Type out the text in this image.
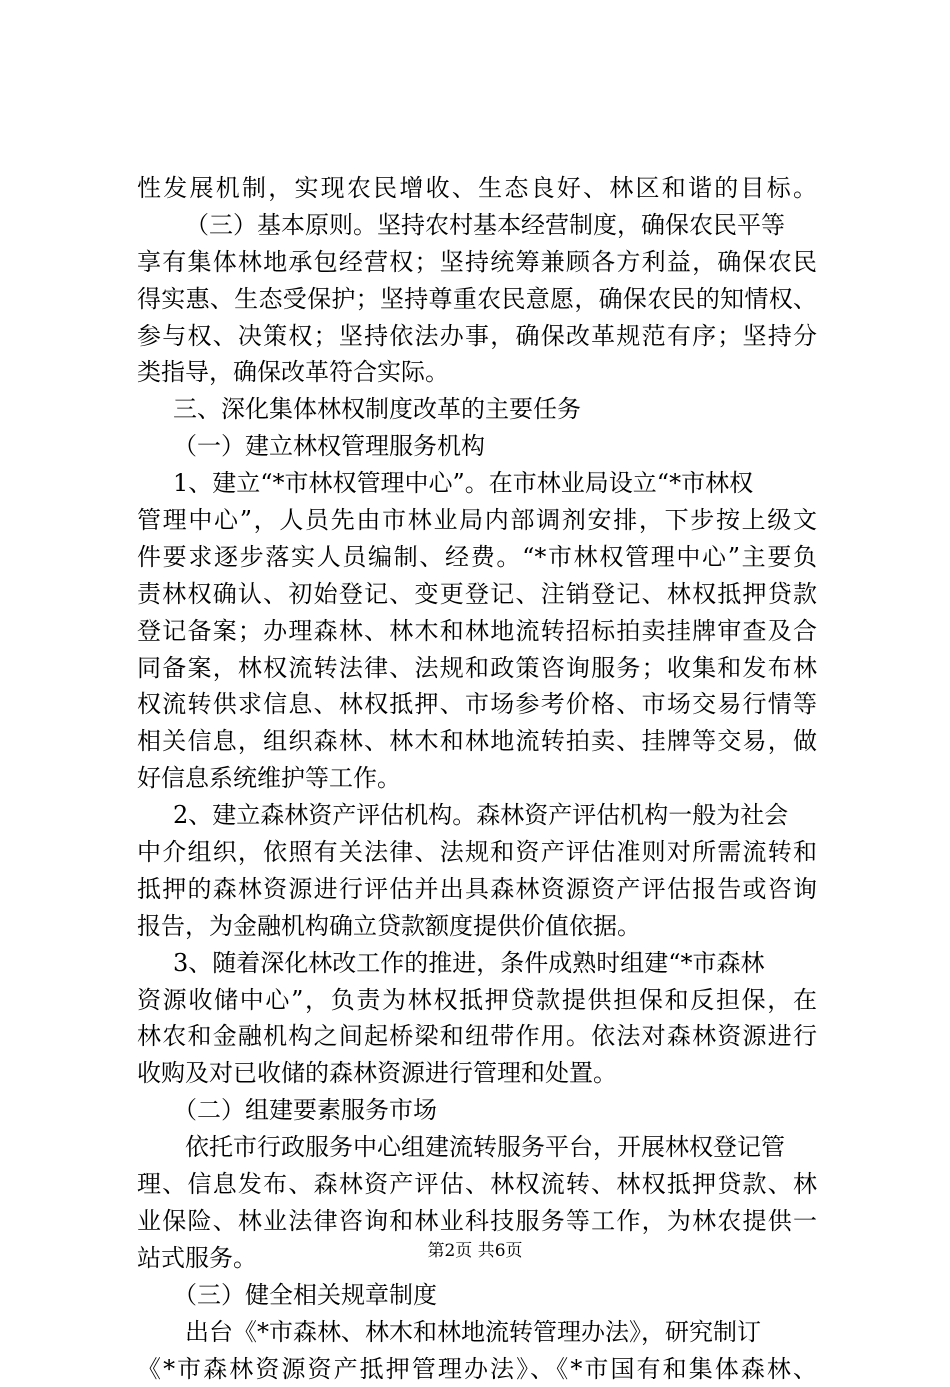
性发展机制，实现农民增收、生态良好、林区和谐的目标。
（三）基本原则。坚持农村基本经营制度，确保农民平等
享有集体林地承包经营权；坚持统筹兼顾各方利益，确保农民
得实惠、生态受保护；坚持尊重农民意愿，确保农民的知情权、
参与权、决策权；坚持依法办事，确保改革规范有序；坚持分
类指导，确保改革符合实际。
三、深化集体林权制度改革的主要任务
（一）建立林权管理服务机构
1、建立“*市林权管理中心”。在市林业局设立“*市林权
管理中心”，人员先由市林业局内部调剂安排，下步按上级文
件要求逐步落实人员编制、经费。“*市林权管理中心”主要负
责林权确认、初始登记、变更登记、注销登记、林权抵押贷款
登记备案；办理森林、林木和林地流转招标拍卖挂牌审查及合
同备案，林权流转法律、法规和政策咨询服务；收集和发布林
权流转供求信息、林权抵押、市场参考价格、市场交易行情等
相关信息，组织森林、林木和林地流转拍卖、挂牌等交易，做
好信息系统维护等工作。
2、建立森林资产评估机构。森林资产评估机构一般为社会
中介组织，依照有关法律、法规和资产评估准则对所需流转和
抵押的森林资源进行评估并出具森林资源资产评估报告或咨询
报告，为金融机构确立贷款额度提供价值依据。
3、随着深化林改工作的推进，条件成熟时组建“*市森林
资源收储中心”，负责为林权抵押贷款提供担保和反担保，在
林农和金融机构之间起桥梁和纽带作用。依法对森林资源进行
收购及对已收储的森林资源进行管理和处置。
（二）组建要素服务市场
依托市行政服务中心组建流转服务平台，开展林权登记管
理、信息发布、森林资产评估、林权流转、林权抵押贷款、林
业保险、林业法律咨询和林业科技服务等工作，为林农提供一
站式服务。
（三）健全相关规章制度
出台《*市森林、林木和林地流转管理办法》，研究制订
《*市森林资源资产抵押管理办法》、《*市国有和集体森林、
第2页 共6页
